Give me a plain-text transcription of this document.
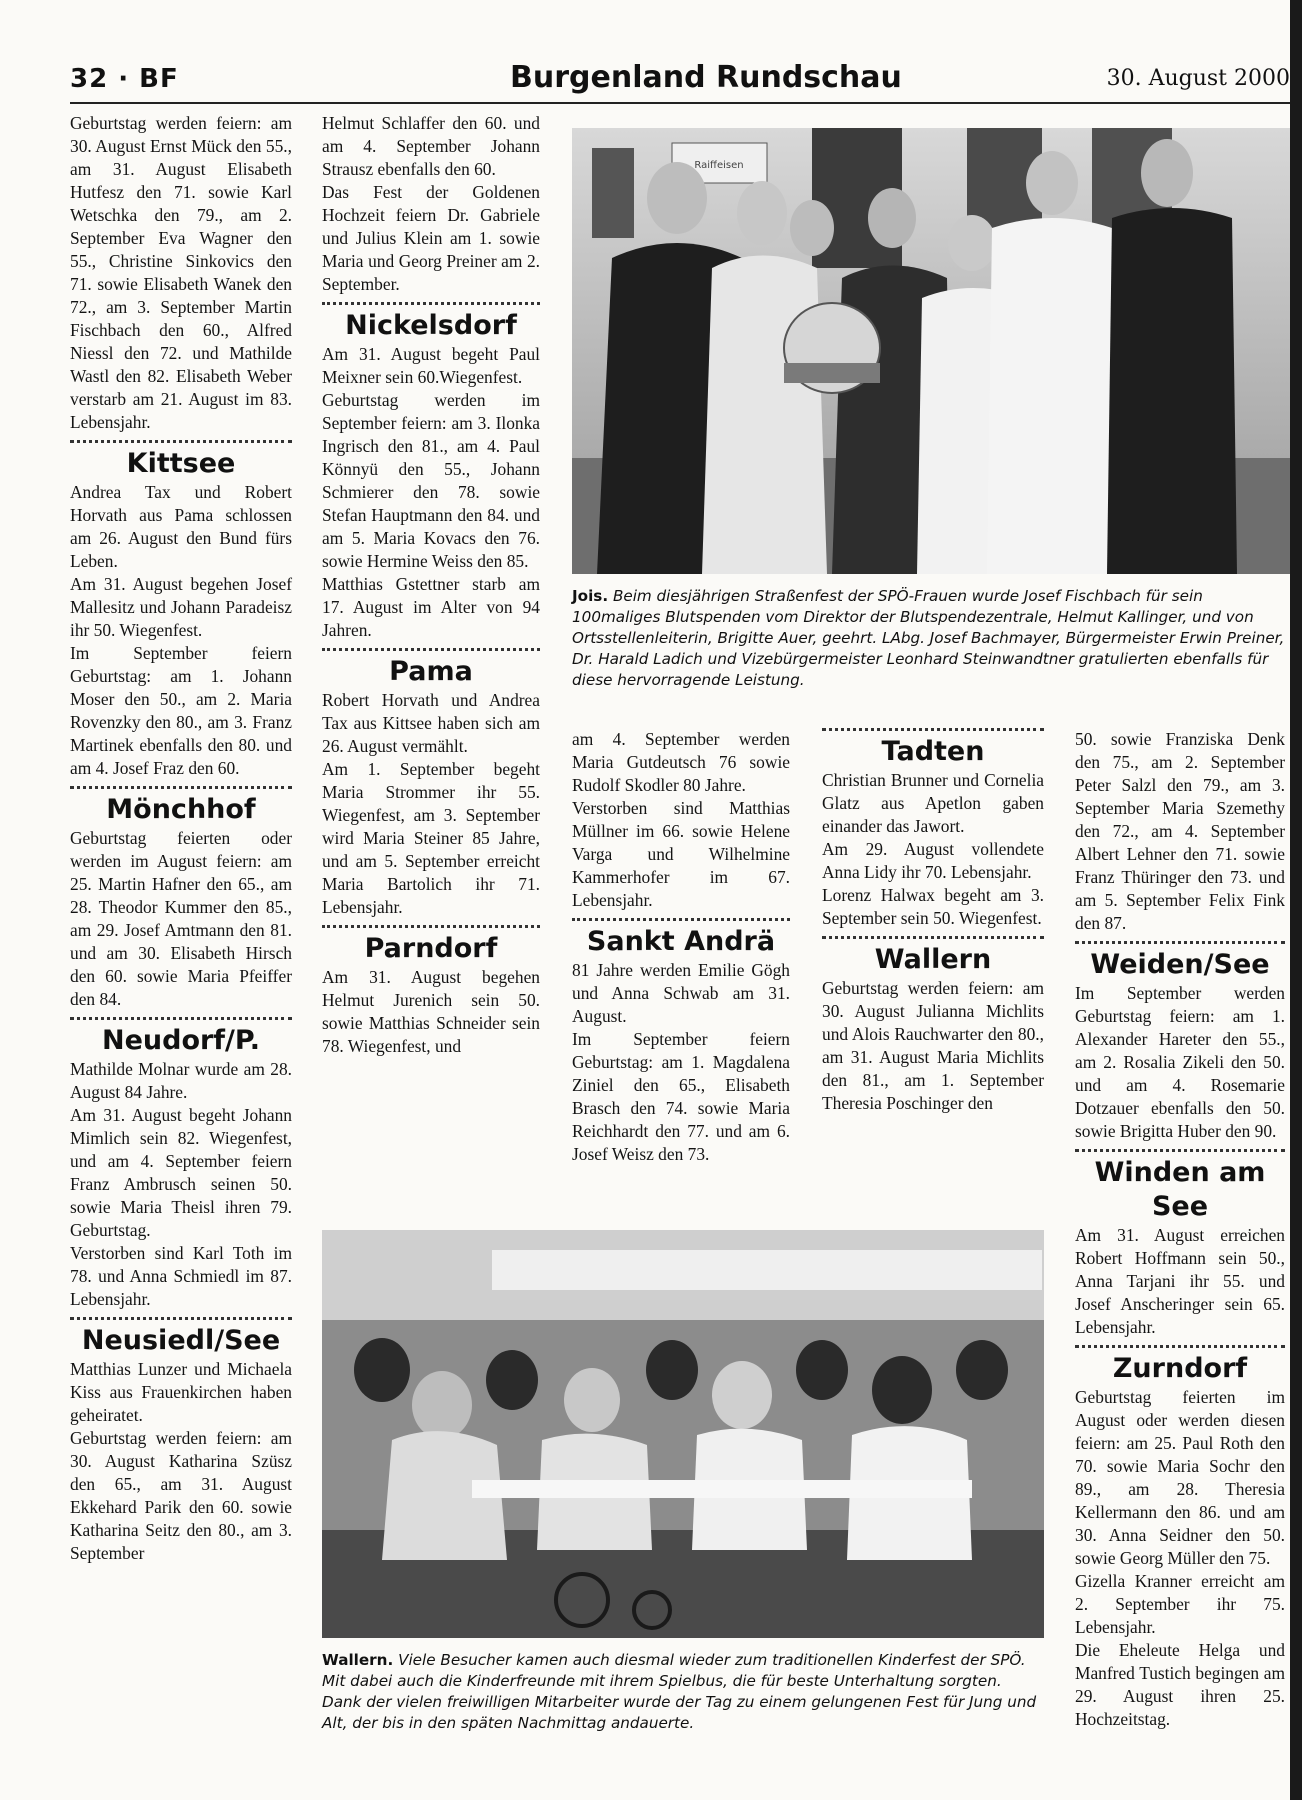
32 · BF	Burgenland Rundschau	30. August 2000

Geburtstag werden feiern: am 30. August Ernst Mück den 55., am 31. August Elisabeth Hutfesz den 71. sowie Karl Wetschka den 79., am 2. September Eva Wagner den 55., Christine Sinkovics den 71. sowie Elisabeth Wanek den 72., am 3. September Martin Fischbach den 60., Alfred Niessl den 72. und Mathilde Wastl den 82. Elisabeth Weber verstarb am 21. August im 83. Lebensjahr.

Kittsee

Andrea Tax und Robert Horvath aus Pama schlossen am 26. August den Bund fürs Leben.

Am 31. August begehen Josef Mallesitz und Johann Paradeisz ihr 50. Wiegenfest.

Im September feiern Geburtstag: am 1. Johann Moser den 50., am 2. Maria Rovenzky den 80., am 3. Franz Martinek ebenfalls den 80. und am 4. Josef Fraz den 60.

Mönchhof

Geburtstag feierten oder werden im August feiern: am 25. Martin Hafner den 65., am 28. Theodor Kummer den 85., am 29. Josef Amtmann den 81. und am 30. Elisabeth Hirsch den 60. sowie Maria Pfeiffer den 84.

Neudorf/P.

Mathilde Molnar wurde am 28. August 84 Jahre.

Am 31. August begeht Johann Mimlich sein 82. Wiegenfest, und am 4. September feiern Franz Ambrusch seinen 50. sowie Maria Theisl ihren 79. Geburtstag.

Verstorben sind Karl Toth im 78. und Anna Schmiedl im 87. Lebensjahr.

Neusiedl/See

Matthias Lunzer und Michaela Kiss aus Frauenkirchen haben geheiratet.

Geburtstag werden feiern: am 30. August Katharina Szüsz den 65., am 31. August Ekkehard Parik den 60. sowie Katharina Seitz den 80., am 3. September

Helmut Schlaffer den 60. und am 4. September Johann Strausz ebenfalls den 60.

Das Fest der Goldenen Hochzeit feiern Dr. Gabriele und Julius Klein am 1. sowie Maria und Georg Preiner am 2. September.

Nickelsdorf

Am 31. August begeht Paul Meixner sein 60.Wiegenfest.

Geburtstag werden im September feiern: am 3. Ilonka Ingrisch den 81., am 4. Paul Könnyü den 55., Johann Schmierer den 78. sowie Stefan Hauptmann den 84. und am 5. Maria Kovacs den 76. sowie Hermine Weiss den 85.

Matthias Gstettner starb am 17. August im Alter von 94 Jahren.

Pama

Robert Horvath und Andrea Tax aus Kittsee haben sich am 26. August vermählt.

Am 1. September begeht Maria Strommer ihr 55. Wiegenfest, am 3. September wird Maria Steiner 85 Jahre, und am 5. September erreicht Maria Bartolich ihr 71. Lebensjahr.

Parndorf

Am 31. August begehen Helmut Jurenich sein 50. sowie Matthias Schneider sein 78. Wiegenfest, und

Raiffeisen
Jois. Beim diesjährigen Straßenfest der SPÖ-Frauen wurde Josef Fischbach für sein 100maliges Blutspenden vom Direktor der Blutspendezentrale, Helmut Kallinger, und von Ortsstellenleiterin, Brigitte Auer, geehrt. LAbg. Josef Bachmayer, Bürgermeister Erwin Preiner, Dr. Harald Ladich und Vizebürgermeister Leonhard Steinwandtner gratulierten ebenfalls für diese hervorragende Leistung.

am 4. September werden Maria Gutdeutsch 76 sowie Rudolf Skodler 80 Jahre.

Verstorben sind Matthias Müllner im 66. sowie Helene Varga und Wilhelmine Kammerhofer im 67. Lebensjahr.

Sankt Andrä

81 Jahre werden Emilie Gögh und Anna Schwab am 31. August.

Im September feiern Geburtstag: am 1. Magdalena Ziniel den 65., Elisabeth Brasch den 74. sowie Maria Reichhardt den 77. und am 6. Josef Weisz den 73.

Tadten

Christian Brunner und Cornelia Glatz aus Apetlon gaben einander das Jawort.

Am 29. August vollendete Anna Lidy ihr 70. Lebensjahr.

Lorenz Halwax begeht am 3. September sein 50. Wiegenfest.

Wallern

Geburtstag werden feiern: am 30. August Julianna Michlits und Alois Rauchwarter den 80., am 31. August Maria Michlits den 81., am 1. September Theresia Poschinger den

50. sowie Franziska Denk den 75., am 2. September Peter Salzl den 79., am 3. September Maria Szemethy den 72., am 4. September Albert Lehner den 71. sowie Franz Thüringer den 73. und am 5. September Felix Fink den 87.

Weiden/See

Im September werden Geburtstag feiern: am 1. Alexander Hareter den 55., am 2. Rosalia Zikeli den 50. und am 4. Rosemarie Dotzauer ebenfalls den 50. sowie Brigitta Huber den 90.

Winden am See

Am 31. August erreichen Robert Hoffmann sein 50., Anna Tarjani ihr 55. und Josef Anscheringer sein 65. Lebensjahr.

Zurndorf

Geburtstag feierten im August oder werden diesen feiern: am 25. Paul Roth den 70. sowie Maria Sochr den 89., am 28. Theresia Kellermann den 86. und am 30. Anna Seidner den 50. sowie Georg Müller den 75.

Gizella Kranner erreicht am 2. September ihr 75. Lebensjahr.

Die Eheleute Helga und Manfred Tustich begingen am 29. August ihren 25. Hochzeitstag.

Wallern. Viele Besucher kamen auch diesmal wieder zum traditionellen Kinderfest der SPÖ. Mit dabei auch die Kinderfreunde mit ihrem Spielbus, die für beste Unterhaltung sorgten. Dank der vielen freiwilligen Mitarbeiter wurde der Tag zu einem gelungenen Fest für Jung und Alt, der bis in den späten Nachmittag andauerte.
